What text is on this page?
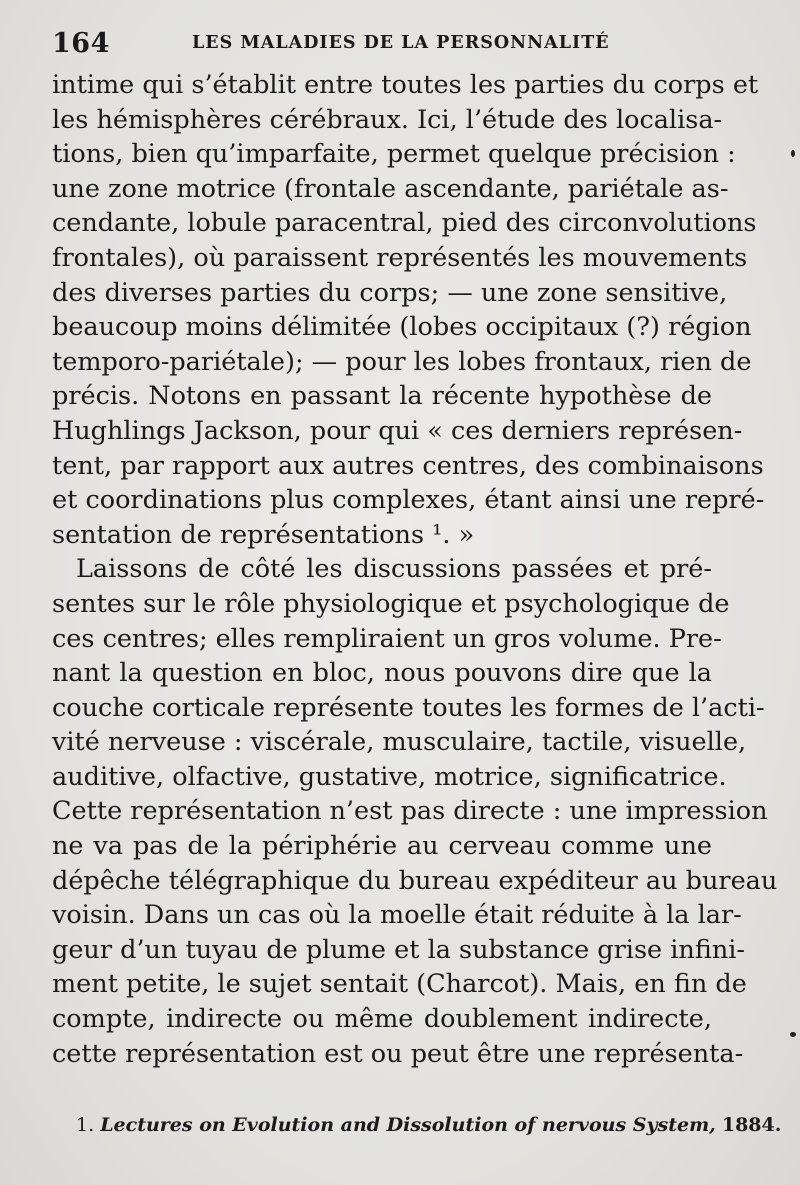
164	LES MALADIES DE LA PERSONNALITÉ
intime qui s’établit entre toutes les parties du corps et
les hémisphères cérébraux. Ici, l’étude des localisa-
tions, bien qu’imparfaite, permet quelque précision :
une zone motrice (frontale ascendante, pariétale as-
cendante, lobule paracentral, pied des circonvolutions
frontales), où paraissent représentés les mouvements
des diverses parties du corps; — une zone sensitive,
beaucoup moins délimitée (lobes occipitaux (?) région
temporo-pariétale); — pour les lobes frontaux, rien de
précis. Notons en passant la récente hypothèse de
Hughlings Jackson, pour qui « ces derniers représen-
tent, par rapport aux autres centres, des combinaisons
et coordinations plus complexes, étant ainsi une repré-
sentation de représentations ¹. »
Laissons de côté les discussions passées et pré-
sentes sur le rôle physiologique et psychologique de
ces centres; elles rempliraient un gros volume. Pre-
nant la question en bloc, nous pouvons dire que la
couche corticale représente toutes les formes de l’acti-
vité nerveuse : viscérale, musculaire, tactile, visuelle,
auditive, olfactive, gustative, motrice, significatrice.
Cette représentation n’est pas directe : une impression
ne va pas de la périphérie au cerveau comme une
dépêche télégraphique du bureau expéditeur au bureau
voisin. Dans un cas où la moelle était réduite à la lar-
geur d’un tuyau de plume et la substance grise infini-
ment petite, le sujet sentait (Charcot). Mais, en fin de
compte, indirecte ou même doublement indirecte,
cette représentation est ou peut être une représenta-
1. Lectures on Evolution and Dissolution of nervous System, 1884.
